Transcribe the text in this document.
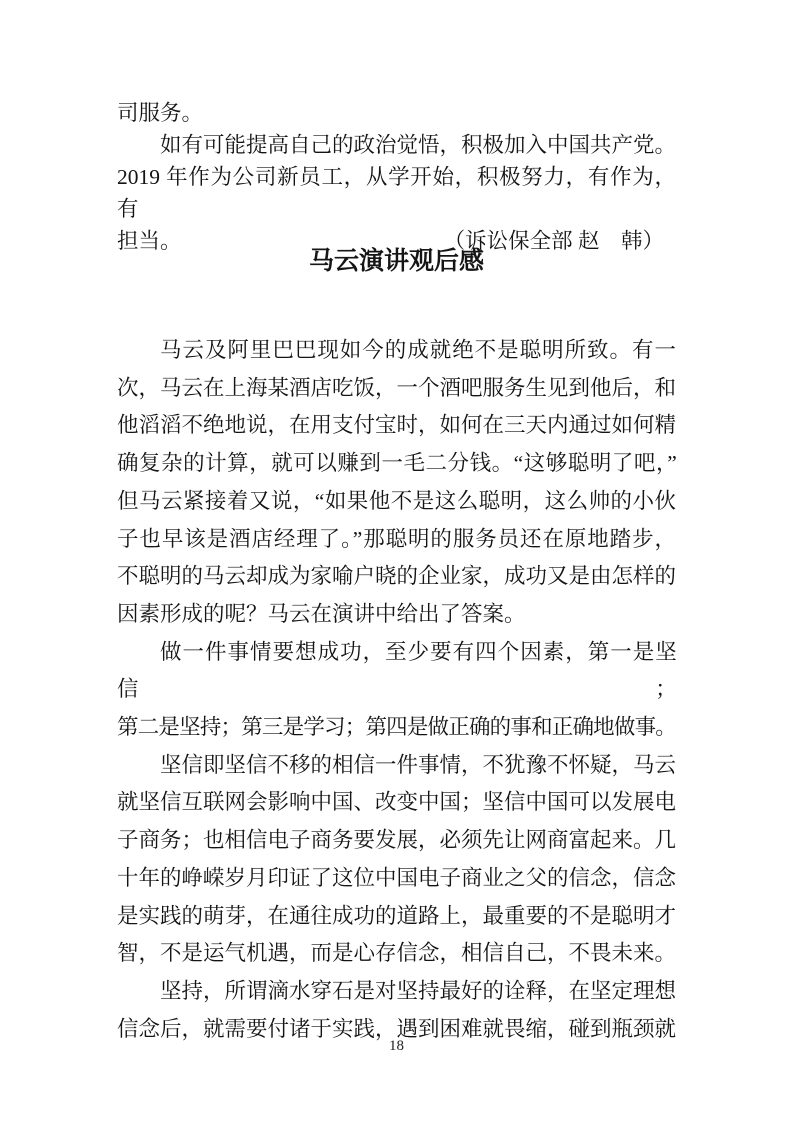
司服务。
如有可能提高自己的政治觉悟，积极加入中国共产党。
2019 年作为公司新员工，从学开始，积极努力，有作为，有
担当。	（诉讼保全部 赵　韩）
马云演讲观后感
马云及阿里巴巴现如今的成就绝不是聪明所致。有一
次，马云在上海某酒店吃饭，一个酒吧服务生见到他后，和
他滔滔不绝地说，在用支付宝时，如何在三天内通过如何精
确复杂的计算，就可以赚到一毛二分钱。“这够聪明了吧，”
但马云紧接着又说，“如果他不是这么聪明，这么帅的小伙
子也早该是酒店经理了。”那聪明的服务员还在原地踏步，
不聪明的马云却成为家喻户晓的企业家，成功又是由怎样的
因素形成的呢？马云在演讲中给出了答案。
做一件事情要想成功，至少要有四个因素，第一是坚信；
第二是坚持；第三是学习；第四是做正确的事和正确地做事。
坚信即坚信不移的相信一件事情，不犹豫不怀疑，马云
就坚信互联网会影响中国、改变中国；坚信中国可以发展电
子商务；也相信电子商务要发展，必须先让网商富起来。几
十年的峥嵘岁月印证了这位中国电子商业之父的信念，信念
是实践的萌芽，在通往成功的道路上，最重要的不是聪明才
智，不是运气机遇，而是心存信念，相信自己，不畏未来。
坚持，所谓滴水穿石是对坚持最好的诠释，在坚定理想
信念后，就需要付诸于实践，遇到困难就畏缩，碰到瓶颈就
18
